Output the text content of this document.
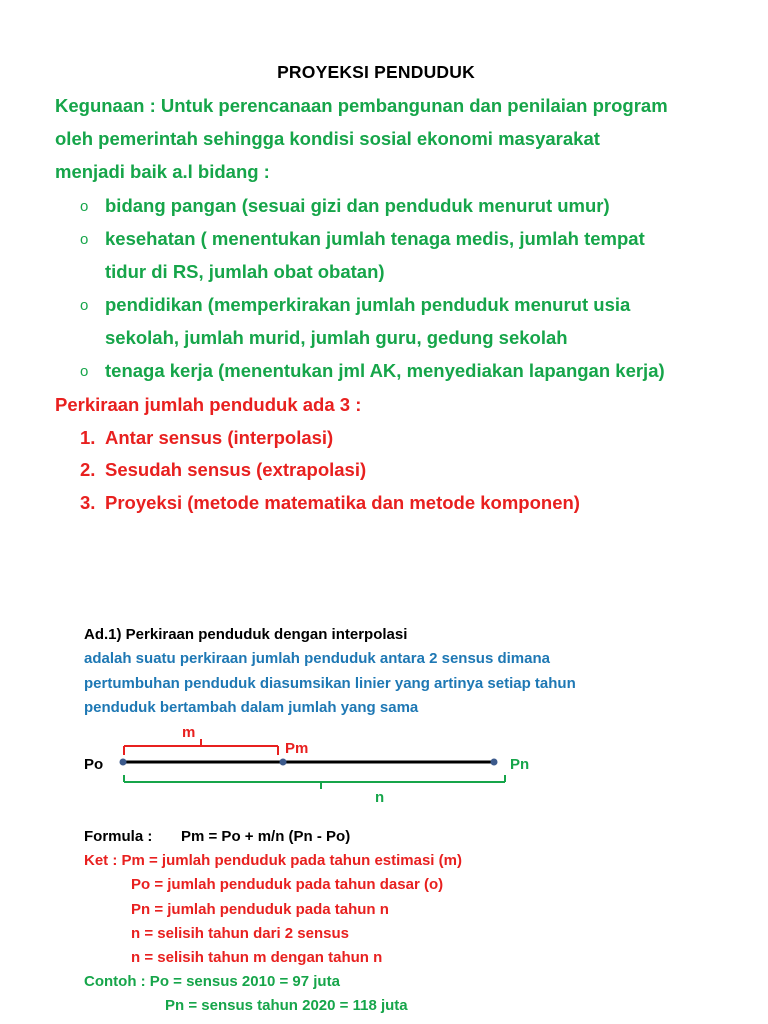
PROYEKSI PENDUDUK
Kegunaan : Untuk perencanaan pembangunan dan penilaian program
oleh pemerintah sehingga kondisi sosial ekonomi masyarakat
menjadi baik a.l bidang :
o bidang pangan (sesuai gizi dan penduduk menurut umur)
o kesehatan ( menentukan jumlah tenaga medis, jumlah tempat
tidur di RS, jumlah obat obatan)
o pendidikan (memperkirakan jumlah penduduk menurut usia
sekolah, jumlah murid, jumlah guru, gedung sekolah
o tenaga kerja (menentukan jml AK, menyediakan lapangan kerja)
Perkiraan jumlah penduduk ada 3 :
1. Antar sensus (interpolasi)
2. Sesudah sensus (extrapolasi)
3. Proyeksi (metode matematika dan metode komponen)
Ad.1) Perkiraan penduduk dengan interpolasi
adalah suatu perkiraan jumlah penduduk antara 2 sensus dimana
pertumbuhan penduduk diasumsikan linier yang artinya setiap tahun
penduduk bertambah dalam jumlah yang sama
m
Pm
Po	Pn
n
Formula : Pm = Po + m/n (Pn - Po)
Ket : Pm = jumlah penduduk pada tahun estimasi (m)
Po = jumlah penduduk pada tahun dasar (o)
Pn = jumlah penduduk pada tahun n
n = selisih tahun dari 2 sensus
n = selisih tahun m dengan tahun n
Contoh : Po = sensus 2010 = 97 juta
Pn = sensus tahun 2020 = 118 juta
